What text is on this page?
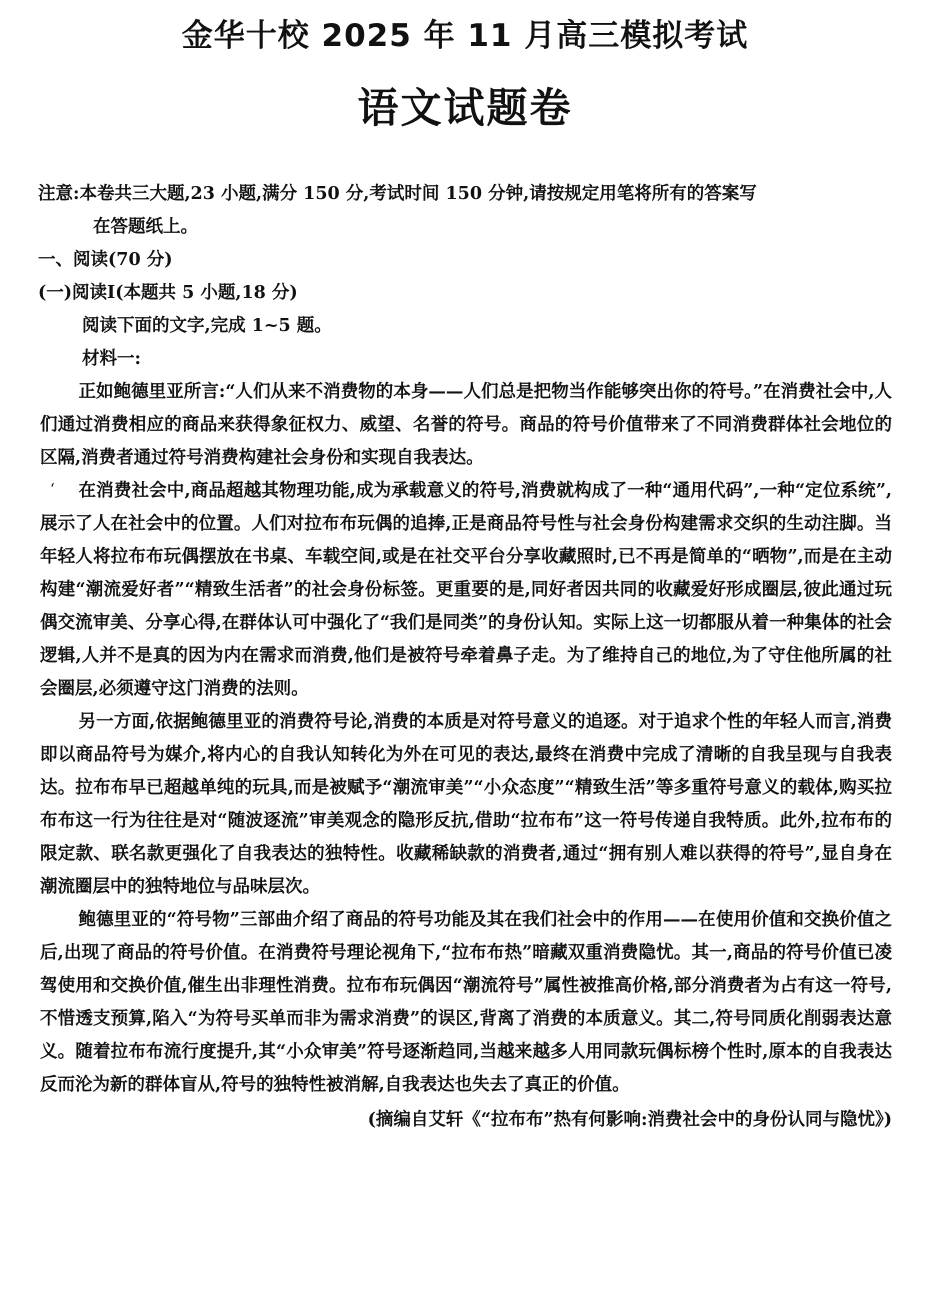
金华十校 2025 年 11 月高三模拟考试
语文试题卷
注意:本卷共三大题,23 小题,满分 150 分,考试时间 150 分钟,请按规定用笔将所有的答案写
在答题纸上。
一、阅读(70 分)
(一)阅读Ⅰ(本题共 5 小题,18 分)
阅读下面的文字,完成 1~5 题。
材料一:

正如鲍德里亚所言:“人们从来不消费物的本身——人们总是把物当作能够突出你的符号。”在消费社会中,人们通过消费相应的商品来获得象征权力、威望、名誉的符号。商品的符号价值带来了不同消费群体社会地位的区隔,消费者通过符号消费构建社会身份和实现自我表达。

‘	在消费社会中,商品超越其物理功能,成为承载意义的符号,消费就构成了一种“通用代码”,一种“定位系统”,展示了人在社会中的位置。人们对拉布布玩偶的追捧,正是商品符号性与社会身份构建需求交织的生动注脚。当年轻人将拉布布玩偶摆放在书桌、车载空间,或是在社交平台分享收藏照时,已不再是简单的“晒物”,而是在主动构建“潮流爱好者”“精致生活者”的社会身份标签。更重要的是,同好者因共同的收藏爱好形成圈层,彼此通过玩偶交流审美、分享心得,在群体认可中强化了“我们是同类”的身份认知。实际上这一切都服从着一种集体的社会逻辑,人并不是真的因为内在需求而消费,他们是被符号牵着鼻子走。为了维持自己的地位,为了守住他所属的社会圈层,必须遵守这门消费的法则。

另一方面,依据鲍德里亚的消费符号论,消费的本质是对符号意义的追逐。对于追求个性的年轻人而言,消费即以商品符号为媒介,将内心的自我认知转化为外在可见的表达,最终在消费中完成了清晰的自我呈现与自我表达。拉布布早已超越单纯的玩具,而是被赋予“潮流审美”“小众态度”“精致生活”等多重符号意义的载体,购买拉布布这一行为往往是对“随波逐流”审美观念的隐形反抗,借助“拉布布”这一符号传递自我特质。此外,拉布布的限定款、联名款更强化了自我表达的独特性。收藏稀缺款的消费者,通过“拥有别人难以获得的符号”,显自身在潮流圈层中的独特地位与品味层次。

鲍德里亚的“符号物”三部曲介绍了商品的符号功能及其在我们社会中的作用——在使用价值和交换价值之后,出现了商品的符号价值。在消费符号理论视角下,“拉布布热”暗藏双重消费隐忧。其一,商品的符号价值已凌驾使用和交换价值,催生出非理性消费。拉布布玩偶因“潮流符号”属性被推高价格,部分消费者为占有这一符号,不惜透支预算,陷入“为符号买单而非为需求消费”的误区,背离了消费的本质意义。其二,符号同质化削弱表达意义。随着拉布布流行度提升,其“小众审美”符号逐渐趋同,当越来越多人用同款玩偶标榜个性时,原本的自我表达反而沦为新的群体盲从,符号的独特性被消解,自我表达也失去了真正的价值。

(摘编自艾轩《“拉布布”热有何影响:消费社会中的身份认同与隐忧》)
